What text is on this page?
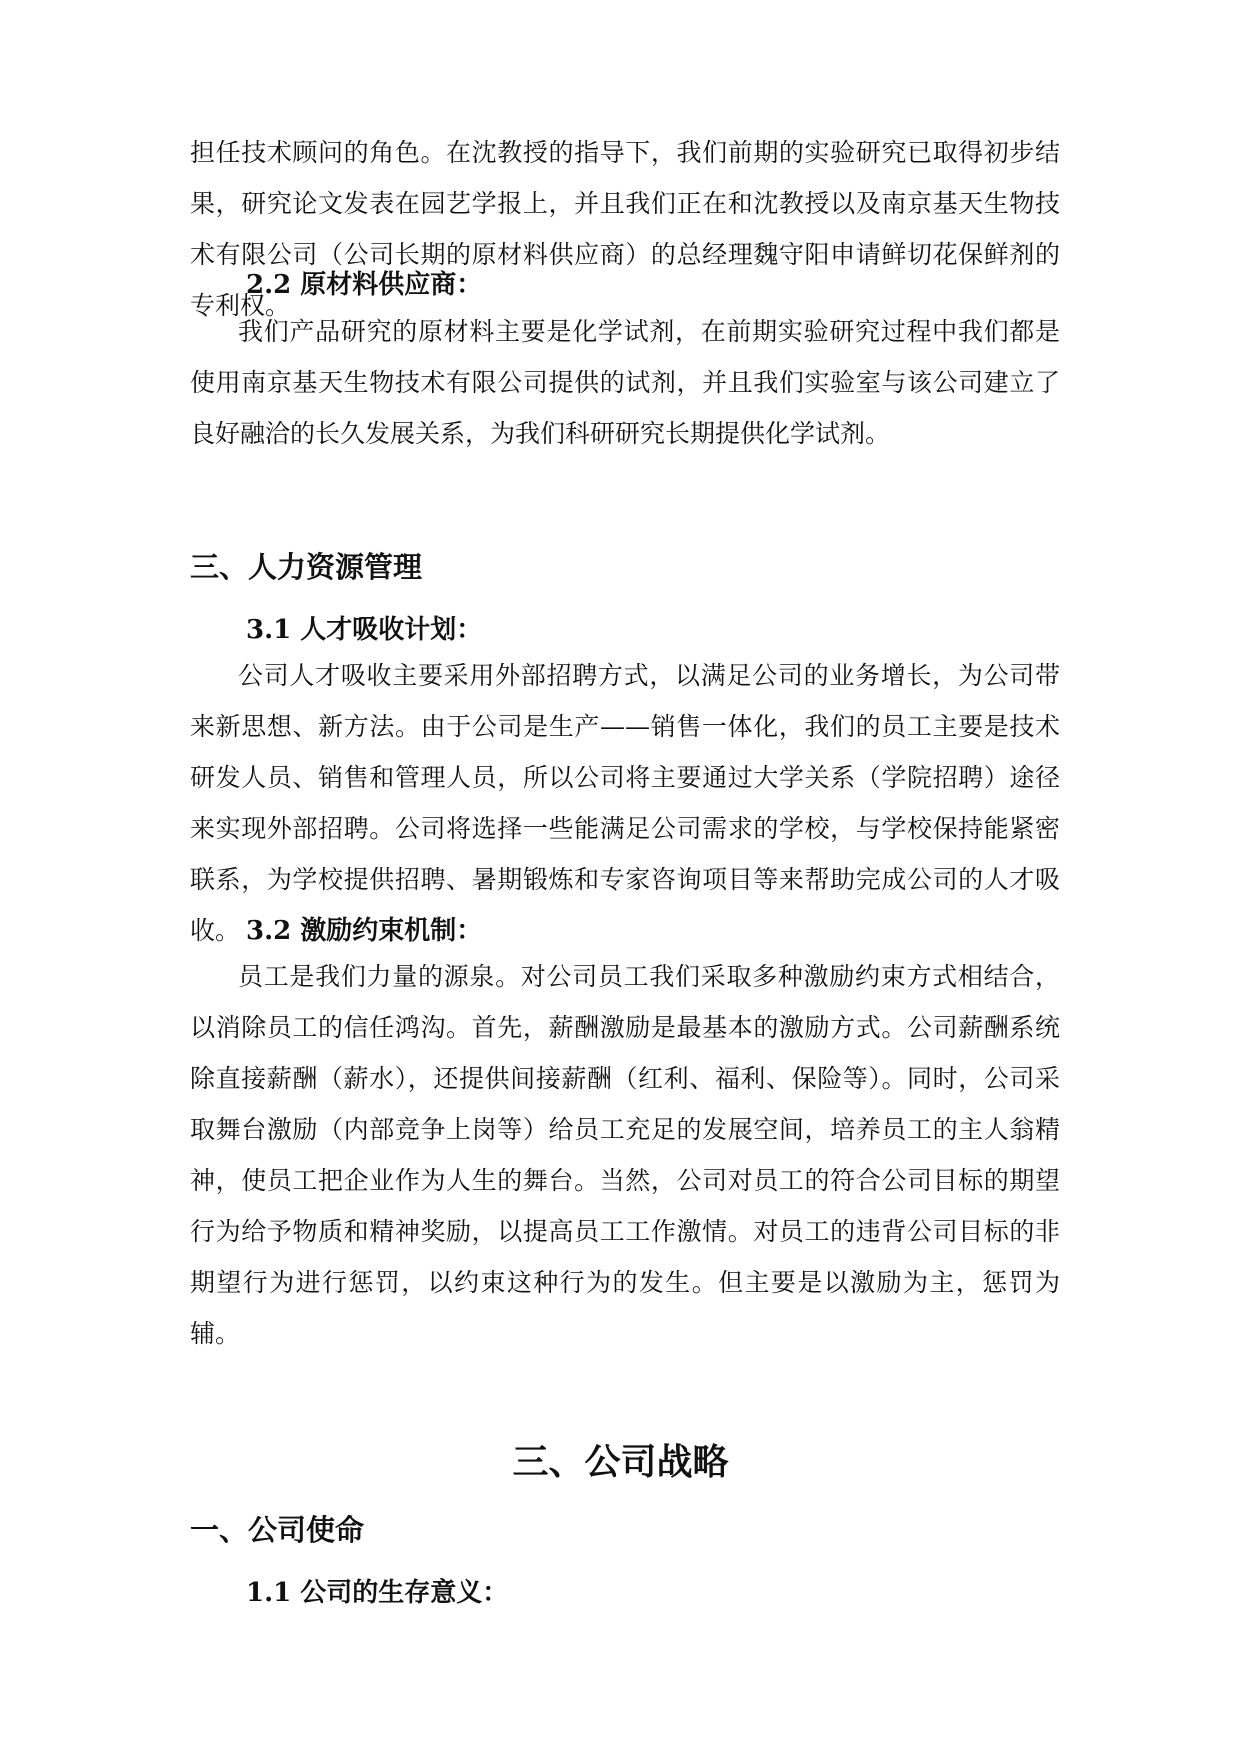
担任技术顾问的角色。在沈教授的指导下，我们前期的实验研究已取得初步结果，研究论文发表在园艺学报上，并且我们正在和沈教授以及南京基天生物技术有限公司（公司长期的原材料供应商）的总经理魏守阳申请鲜切花保鲜剂的专利权。

2.2 原材料供应商：

我们产品研究的原材料主要是化学试剂，在前期实验研究过程中我们都是使用南京基天生物技术有限公司提供的试剂，并且我们实验室与该公司建立了良好融洽的长久发展关系，为我们科研研究长期提供化学试剂。

三、人力资源管理
3.1 人才吸收计划：

公司人才吸收主要采用外部招聘方式，以满足公司的业务增长，为公司带来新思想、新方法。由于公司是生产——销售一体化，我们的员工主要是技术研发人员、销售和管理人员，所以公司将主要通过大学关系（学院招聘）途径来实现外部招聘。公司将选择一些能满足公司需求的学校，与学校保持能紧密联系，为学校提供招聘、暑期锻炼和专家咨询项目等来帮助完成公司的人才吸收。 3.2 激励约束机制：

员工是我们力量的源泉。对公司员工我们采取多种激励约束方式相结合，以消除员工的信任鸿沟。首先，薪酬激励是最基本的激励方式。公司薪酬系统除直接薪酬（薪水），还提供间接薪酬（红利、福利、保险等）。同时，公司采取舞台激励（内部竞争上岗等）给员工充足的发展空间，培养员工的主人翁精神，使员工把企业作为人生的舞台。当然，公司对员工的符合公司目标的期望行为给予物质和精神奖励，以提高员工工作激情。对员工的违背公司目标的非期望行为进行惩罚，以约束这种行为的发生。但主要是以激励为主，惩罚为辅。

三、公司战略
一、公司使命
1.1 公司的生存意义：
